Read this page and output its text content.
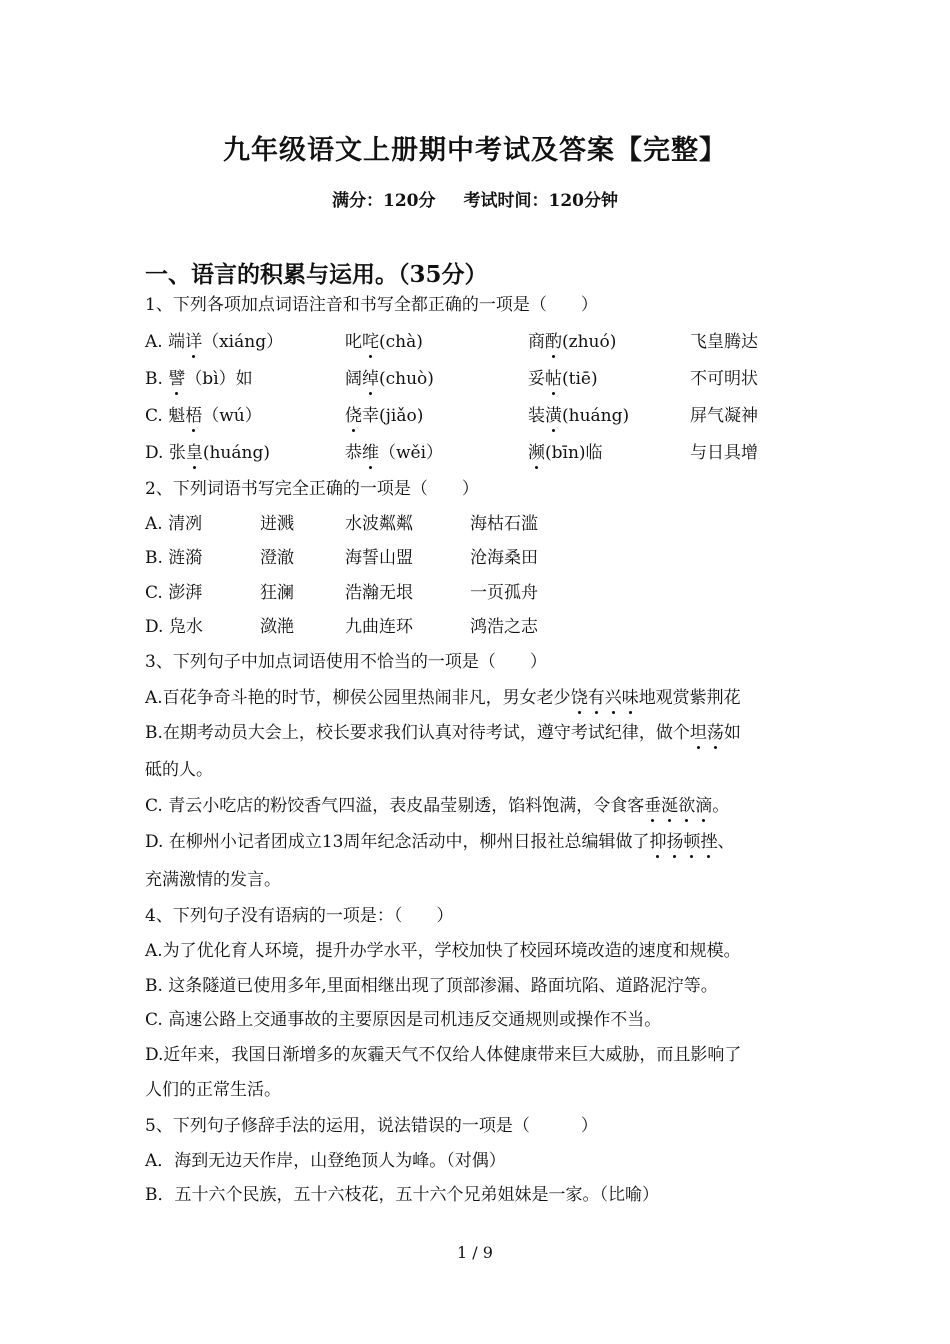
九年级语文上册期中考试及答案【完整】
满分：120分 考试时间：120分钟
一、语言的积累与运用。（35分）
1、下列各项加点词语注音和书写全都正确的一项是（　　）
A. 端详（xiáng）	叱咤(chà)	商酌(zhuó)	飞皇腾达
B. 譬（bì）如	阔绰(chuò)	妥帖(tiē)	不可明状
C. 魁梧（wú）	侥幸(jiǎo)	装潢(huáng)	屏气凝神
D. 张皇(huáng)	恭维（wěi）	濒(bīn)临	与日具增
2、下列词语书写完全正确的一项是（　　）
A. 清冽	迸溅	水波粼粼	海枯石滥
B. 涟漪	澄澈	海誓山盟	沧海桑田
C. 澎湃	狂澜	浩瀚无垠	一页孤舟
D. 凫水	潋滟	九曲连环	鸿浩之志
3、下列句子中加点词语使用不恰当的一项是（　　）
A.百花争奇斗艳的时节，柳侯公园里热闹非凡，男女老少饶有兴味地观赏紫荆花
B.在期考动员大会上，校长要求我们认真对待考试，遵守考试纪律，做个坦荡如
砥的人。
C. 青云小吃店的粉饺香气四溢，表皮晶莹剔透，馅料饱满，令食客垂涎欲滴。
D. 在柳州小记者团成立13周年纪念活动中，柳州日报社总编辑做了抑扬顿挫、
充满激情的发言。
4、下列句子没有语病的一项是：（　　）
A.为了优化育人环境，提升办学水平，学校加快了校园环境改造的速度和规模。
B. 这条隧道已使用多年,里面相继出现了顶部渗漏、路面坑陷、道路泥泞等。
C. 高速公路上交通事故的主要原因是司机违反交通规则或操作不当。
D.近年来，我国日渐增多的灰霾天气不仅给人体健康带来巨大威胁，而且影响了
人们的正常生活。
5、下列句子修辞手法的运用，说法错误的一项是（　　　）
A．海到无边天作岸，山登绝顶人为峰。（对偶）
B．五十六个民族，五十六枝花，五十六个兄弟姐妹是一家。（比喻）
1 / 9
